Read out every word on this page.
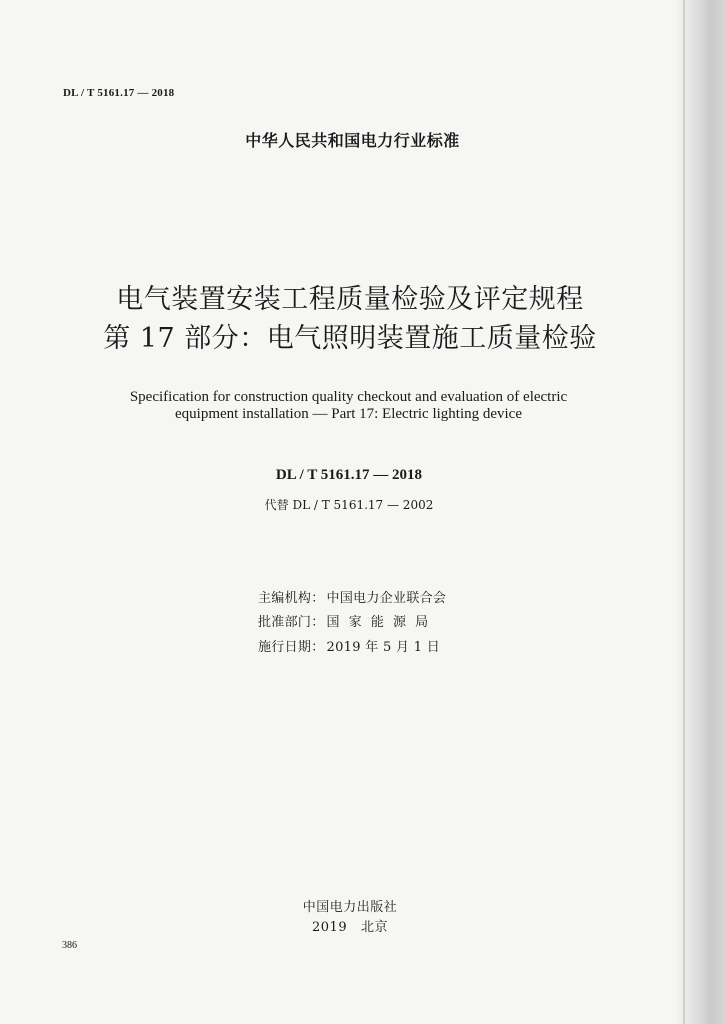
DL / T 5161.17 — 2018
中华人民共和国电力行业标准
电气装置安装工程质量检验及评定规程
第 17 部分：电气照明装置施工质量检验
Specification for construction quality checkout and evaluation of electric
equipment installation — Part 17: Electric lighting device
DL / T 5161.17 — 2018
代替 DL / T 5161.17 — 2002
主编机构： 中国电力企业联合会
批准部门： 国  家  能  源  局
施行日期： 2019 年 5 月 1 日
中国电力出版社
2019   北京
386
